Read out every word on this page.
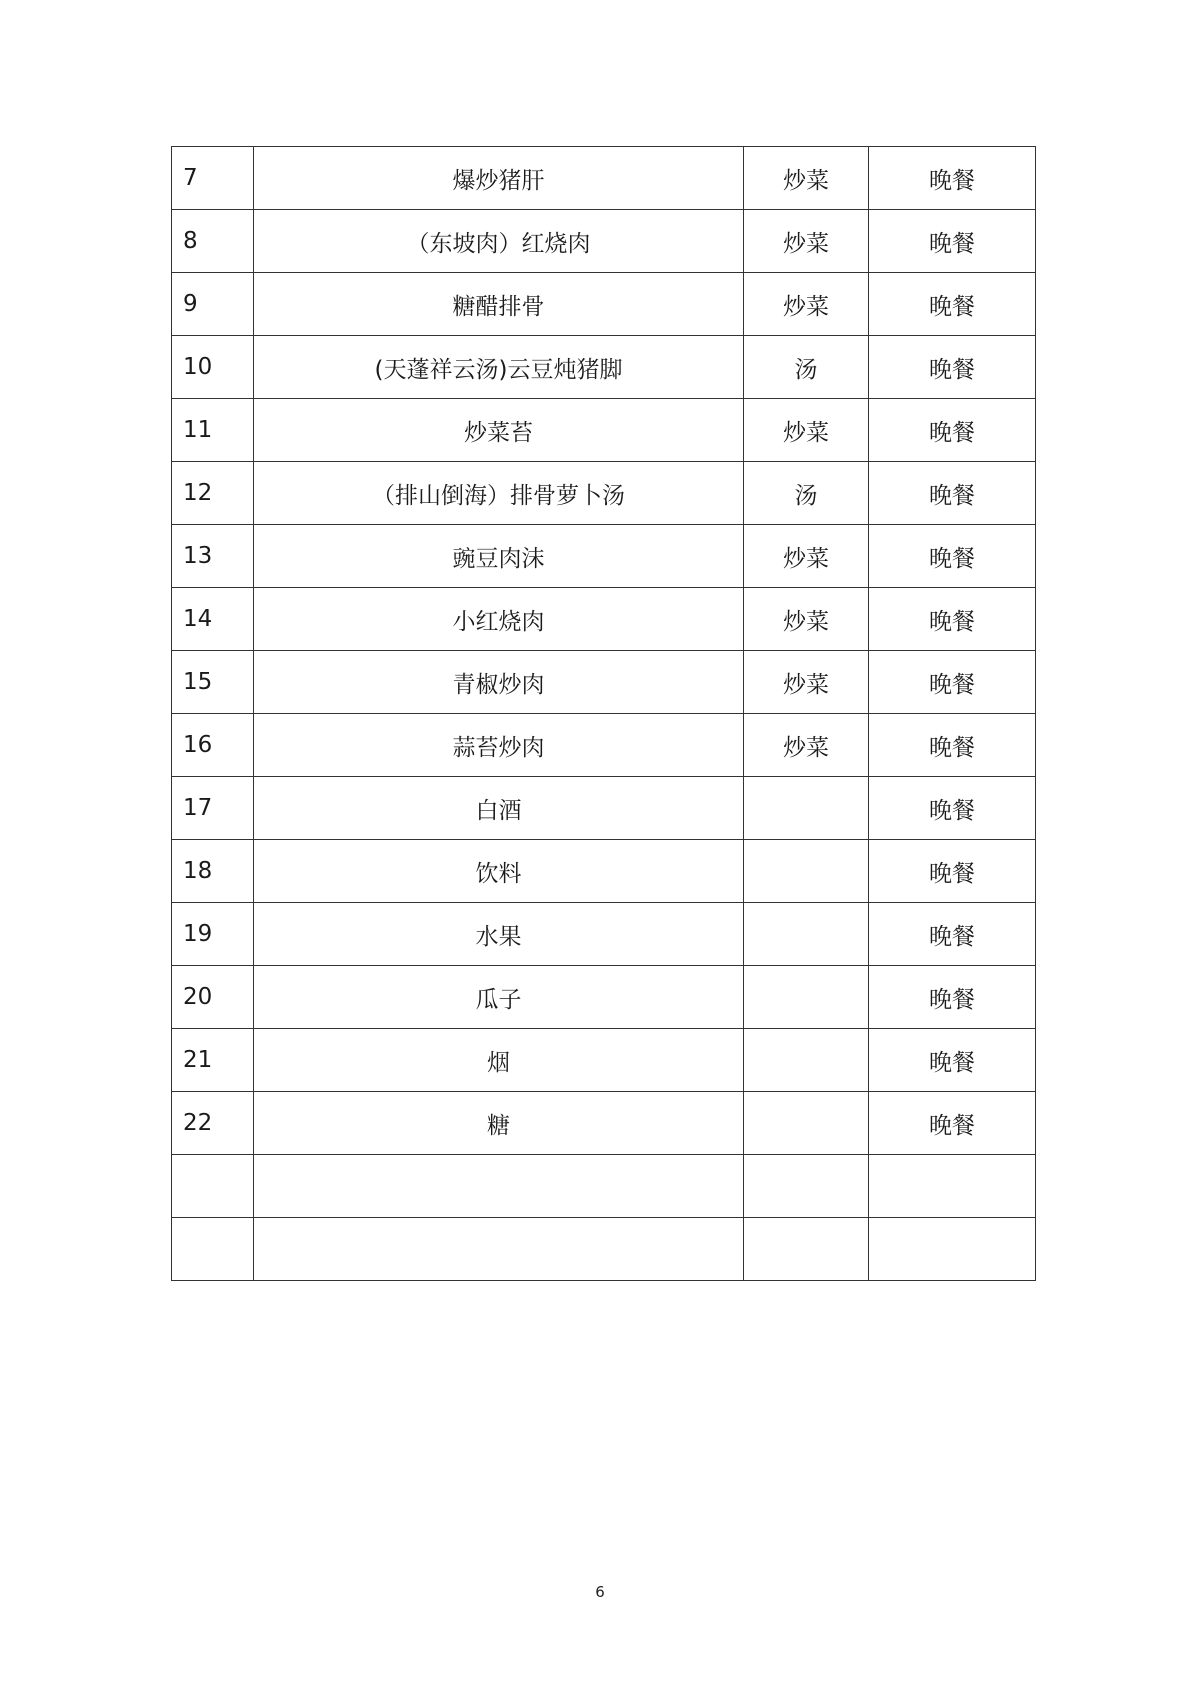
7	爆炒猪肝	炒菜	晚餐
8	（东坡肉）红烧肉	炒菜	晚餐
9	糖醋排骨	炒菜	晚餐
10	(天蓬祥云汤)云豆炖猪脚	汤	晚餐
11	炒菜苔	炒菜	晚餐
12	（排山倒海）排骨萝卜汤	汤	晚餐
13	豌豆肉沫	炒菜	晚餐
14	小红烧肉	炒菜	晚餐
15	青椒炒肉	炒菜	晚餐
16	蒜苔炒肉	炒菜	晚餐
17	白酒		晚餐
18	饮料		晚餐
19	水果		晚餐
20	瓜子		晚餐
21	烟		晚餐
22	糖		晚餐

6
